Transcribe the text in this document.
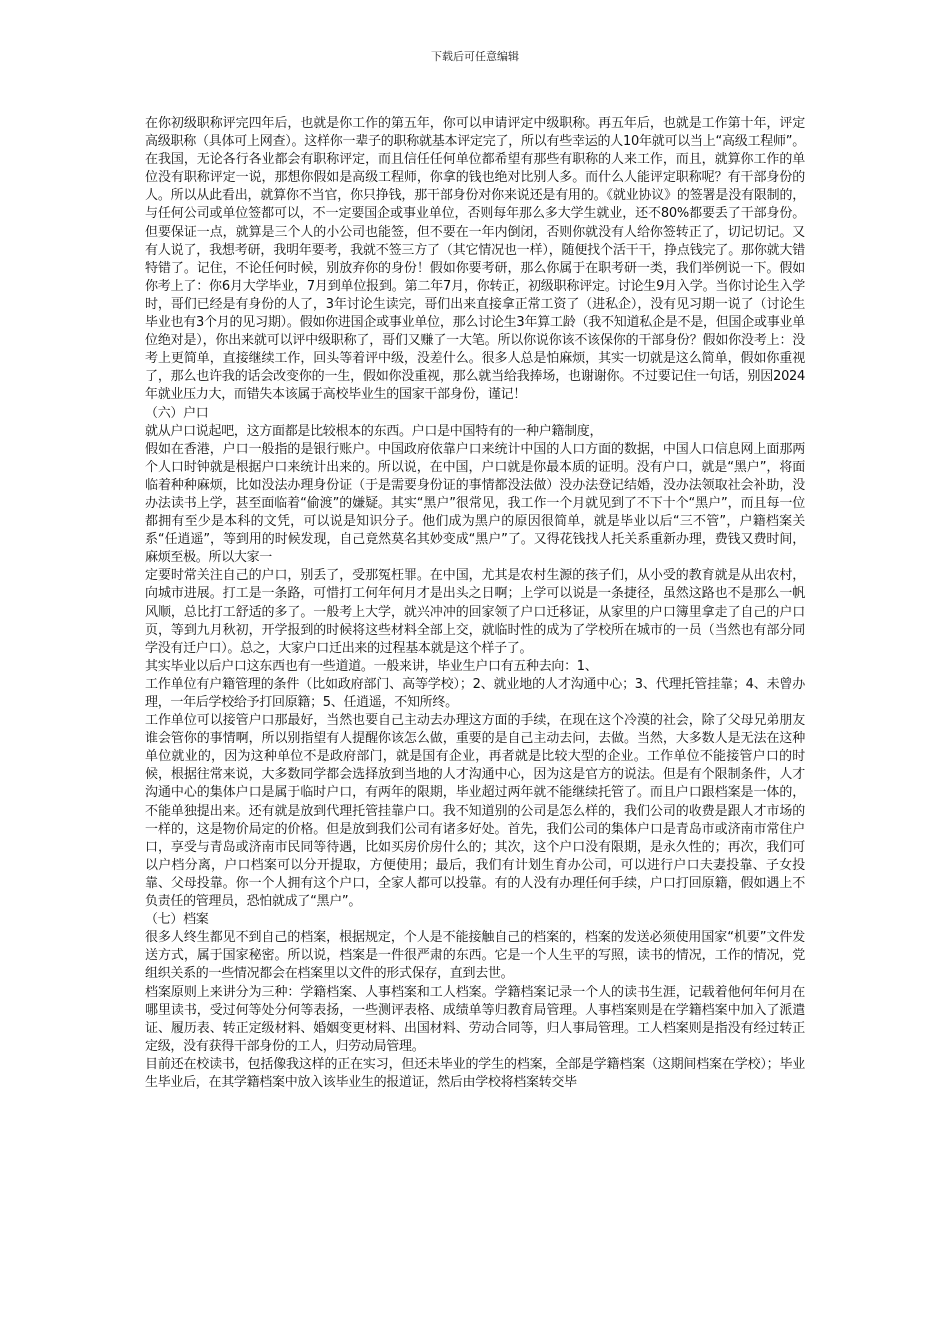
下载后可任意编辑

在你初级职称评完四年后，也就是你工作的第五年，你可以申请评定中级职称。再五年后，也就是工作第十年，评定高级职称（具体可上网查）。这样你一辈子的职称就基本评定完了，所以有些幸运的人10年就可以当上“高级工程师”。在我国，无论各行各业都会有职称评定，而且信任任何单位都希望有那些有职称的人来工作，而且，就算你工作的单位没有职称评定一说，那想你假如是高级工程师，你拿的钱也绝对比别人多。而什么人能评定职称呢？有干部身份的人。所以从此看出，就算你不当官，你只挣钱，那干部身份对你来说还是有用的。《就业协议》的签署是没有限制的，与任何公司或单位签都可以，不一定要国企或事业单位，否则每年那么多大学生就业，还不80%都要丢了干部身份。但要保证一点，就算是三个人的小公司也能签，但不要在一年内倒闭，否则你就没有人给你签转正了，切记切记。又有人说了，我想考研，我明年要考，我就不签三方了（其它情况也一样），随便找个活干干，挣点钱完了。那你就大错特错了。记住，不论任何时候，别放弃你的身份！假如你要考研，那么你属于在职考研一类，我们举例说一下。假如你考上了：你6月大学毕业，7月到单位报到。第二年7月，你转正，初级职称评定。讨论生9月入学。当你讨论生入学时，哥们已经是有身份的人了，3年讨论生读完，哥们出来直接拿正常工资了（进私企），没有见习期一说了（讨论生毕业也有3个月的见习期）。假如你进国企或事业单位，那么讨论生3年算工龄（我不知道私企是不是，但国企或事业单位绝对是），你出来就可以评中级职称了，哥们又赚了一大笔。所以你说你该不该保你的干部身份？假如你没考上：没考上更简单，直接继续工作，回头等着评中级，没差什么。很多人总是怕麻烦，其实一切就是这么简单，假如你重视了，那么也许我的话会改变你的一生，假如你没重视，那么就当给我捧场，也谢谢你。不过要记住一句话，别因2024年就业压力大，而错失本该属于高校毕业生的国家干部身份，谨记！

（六）户口

就从户口说起吧，这方面都是比较根本的东西。户口是中国特有的一种户籍制度，

假如在香港，户口一般指的是银行账户。中国政府依靠户口来统计中国的人口方面的数据，中国人口信息网上面那两个人口时钟就是根据户口来统计出来的。所以说，在中国，户口就是你最本质的证明。没有户口，就是“黑户”，将面临着种种麻烦，比如没法办理身份证（于是需要身份证的事情都没法做）没办法登记结婚，没办法领取社会补助，没办法读书上学，甚至面临着“偷渡”的嫌疑。其实“黑户”很常见，我工作一个月就见到了不下十个“黑户”，而且每一位都拥有至少是本科的文凭，可以说是知识分子。他们成为黑户的原因很简单，就是毕业以后“三不管”，户籍档案关系“任逍遥”，等到用的时候发现，自己竟然莫名其妙变成“黑户”了。又得花钱找人托关系重新办理，费钱又费时间，麻烦至极。所以大家一

定要时常关注自己的户口，别丢了，受那冤枉罪。在中国，尤其是农村生源的孩子们，从小受的教育就是从出农村，向城市进展。打工是一条路，可惜打工何年何月才是出头之日啊；上学可以说是一条捷径，虽然这路也不是那么一帆风顺，总比打工舒适的多了。一般考上大学，就兴冲冲的回家领了户口迁移证，从家里的户口簿里拿走了自己的户口页，等到九月秋初，开学报到的时候将这些材料全部上交，就临时性的成为了学校所在城市的一员（当然也有部分同学没有迁户口）。总之，大家户口迁出来的过程基本就是这个样子了。

其实毕业以后户口这东西也有一些道道。一般来讲，毕业生户口有五种去向：1、

工作单位有户籍管理的条件（比如政府部门、高等学校）；2、就业地的人才沟通中心；3、代理托管挂靠；4、未曾办理，一年后学校给予打回原籍；5、任逍遥，不知所终。

工作单位可以接管户口那最好，当然也要自己主动去办理这方面的手续，在现在这个冷漠的社会，除了父母兄弟朋友谁会管你的事情啊，所以别指望有人提醒你该怎么做，重要的是自己主动去问，去做。当然，大多数人是无法在这种单位就业的，因为这种单位不是政府部门，就是国有企业，再者就是比较大型的企业。工作单位不能接管户口的时候，根据往常来说，大多数同学都会选择放到当地的人才沟通中心，因为这是官方的说法。但是有个限制条件，人才沟通中心的集体户口是属于临时户口，有两年的限期，毕业超过两年就不能继续托管了。而且户口跟档案是一体的，不能单独提出来。还有就是放到代理托管挂靠户口。我不知道别的公司是怎么样的，我们公司的收费是跟人才市场的一样的，这是物价局定的价格。但是放到我们公司有诸多好处。首先，我们公司的集体户口是青岛市或济南市常住户口，享受与青岛或济南市民同等待遇，比如买房价房什么的；其次，这个户口没有限期，是永久性的；再次，我们可以户档分离，户口档案可以分开提取，方便使用；最后，我们有计划生育办公司，可以进行户口夫妻投靠、子女投靠、父母投靠。你一个人拥有这个户口，全家人都可以投靠。有的人没有办理任何手续，户口打回原籍，假如遇上不负责任的管理员，恐怕就成了“黑户”。

（七）档案

很多人终生都见不到自己的档案，根据规定，个人是不能接触自己的档案的，档案的发送必须使用国家“机要”文件发送方式，属于国家秘密。所以说，档案是一件很严肃的东西。它是一个人生平的写照，读书的情况，工作的情况，党组织关系的一些情况都会在档案里以文件的形式保存，直到去世。

档案原则上来讲分为三种：学籍档案、人事档案和工人档案。学籍档案记录一个人的读书生涯，记载着他何年何月在哪里读书，受过何等处分何等表扬，一些测评表格、成绩单等归教育局管理。人事档案则是在学籍档案中加入了派遣证、履历表、转正定级材料、婚姻变更材料、出国材料、劳动合同等，归人事局管理。工人档案则是指没有经过转正定级，没有获得干部身份的工人，归劳动局管理。

目前还在校读书，包括像我这样的正在实习，但还未毕业的学生的档案，全部是学籍档案（这期间档案在学校）；毕业生毕业后，在其学籍档案中放入该毕业生的报道证，然后由学校将档案转交毕
